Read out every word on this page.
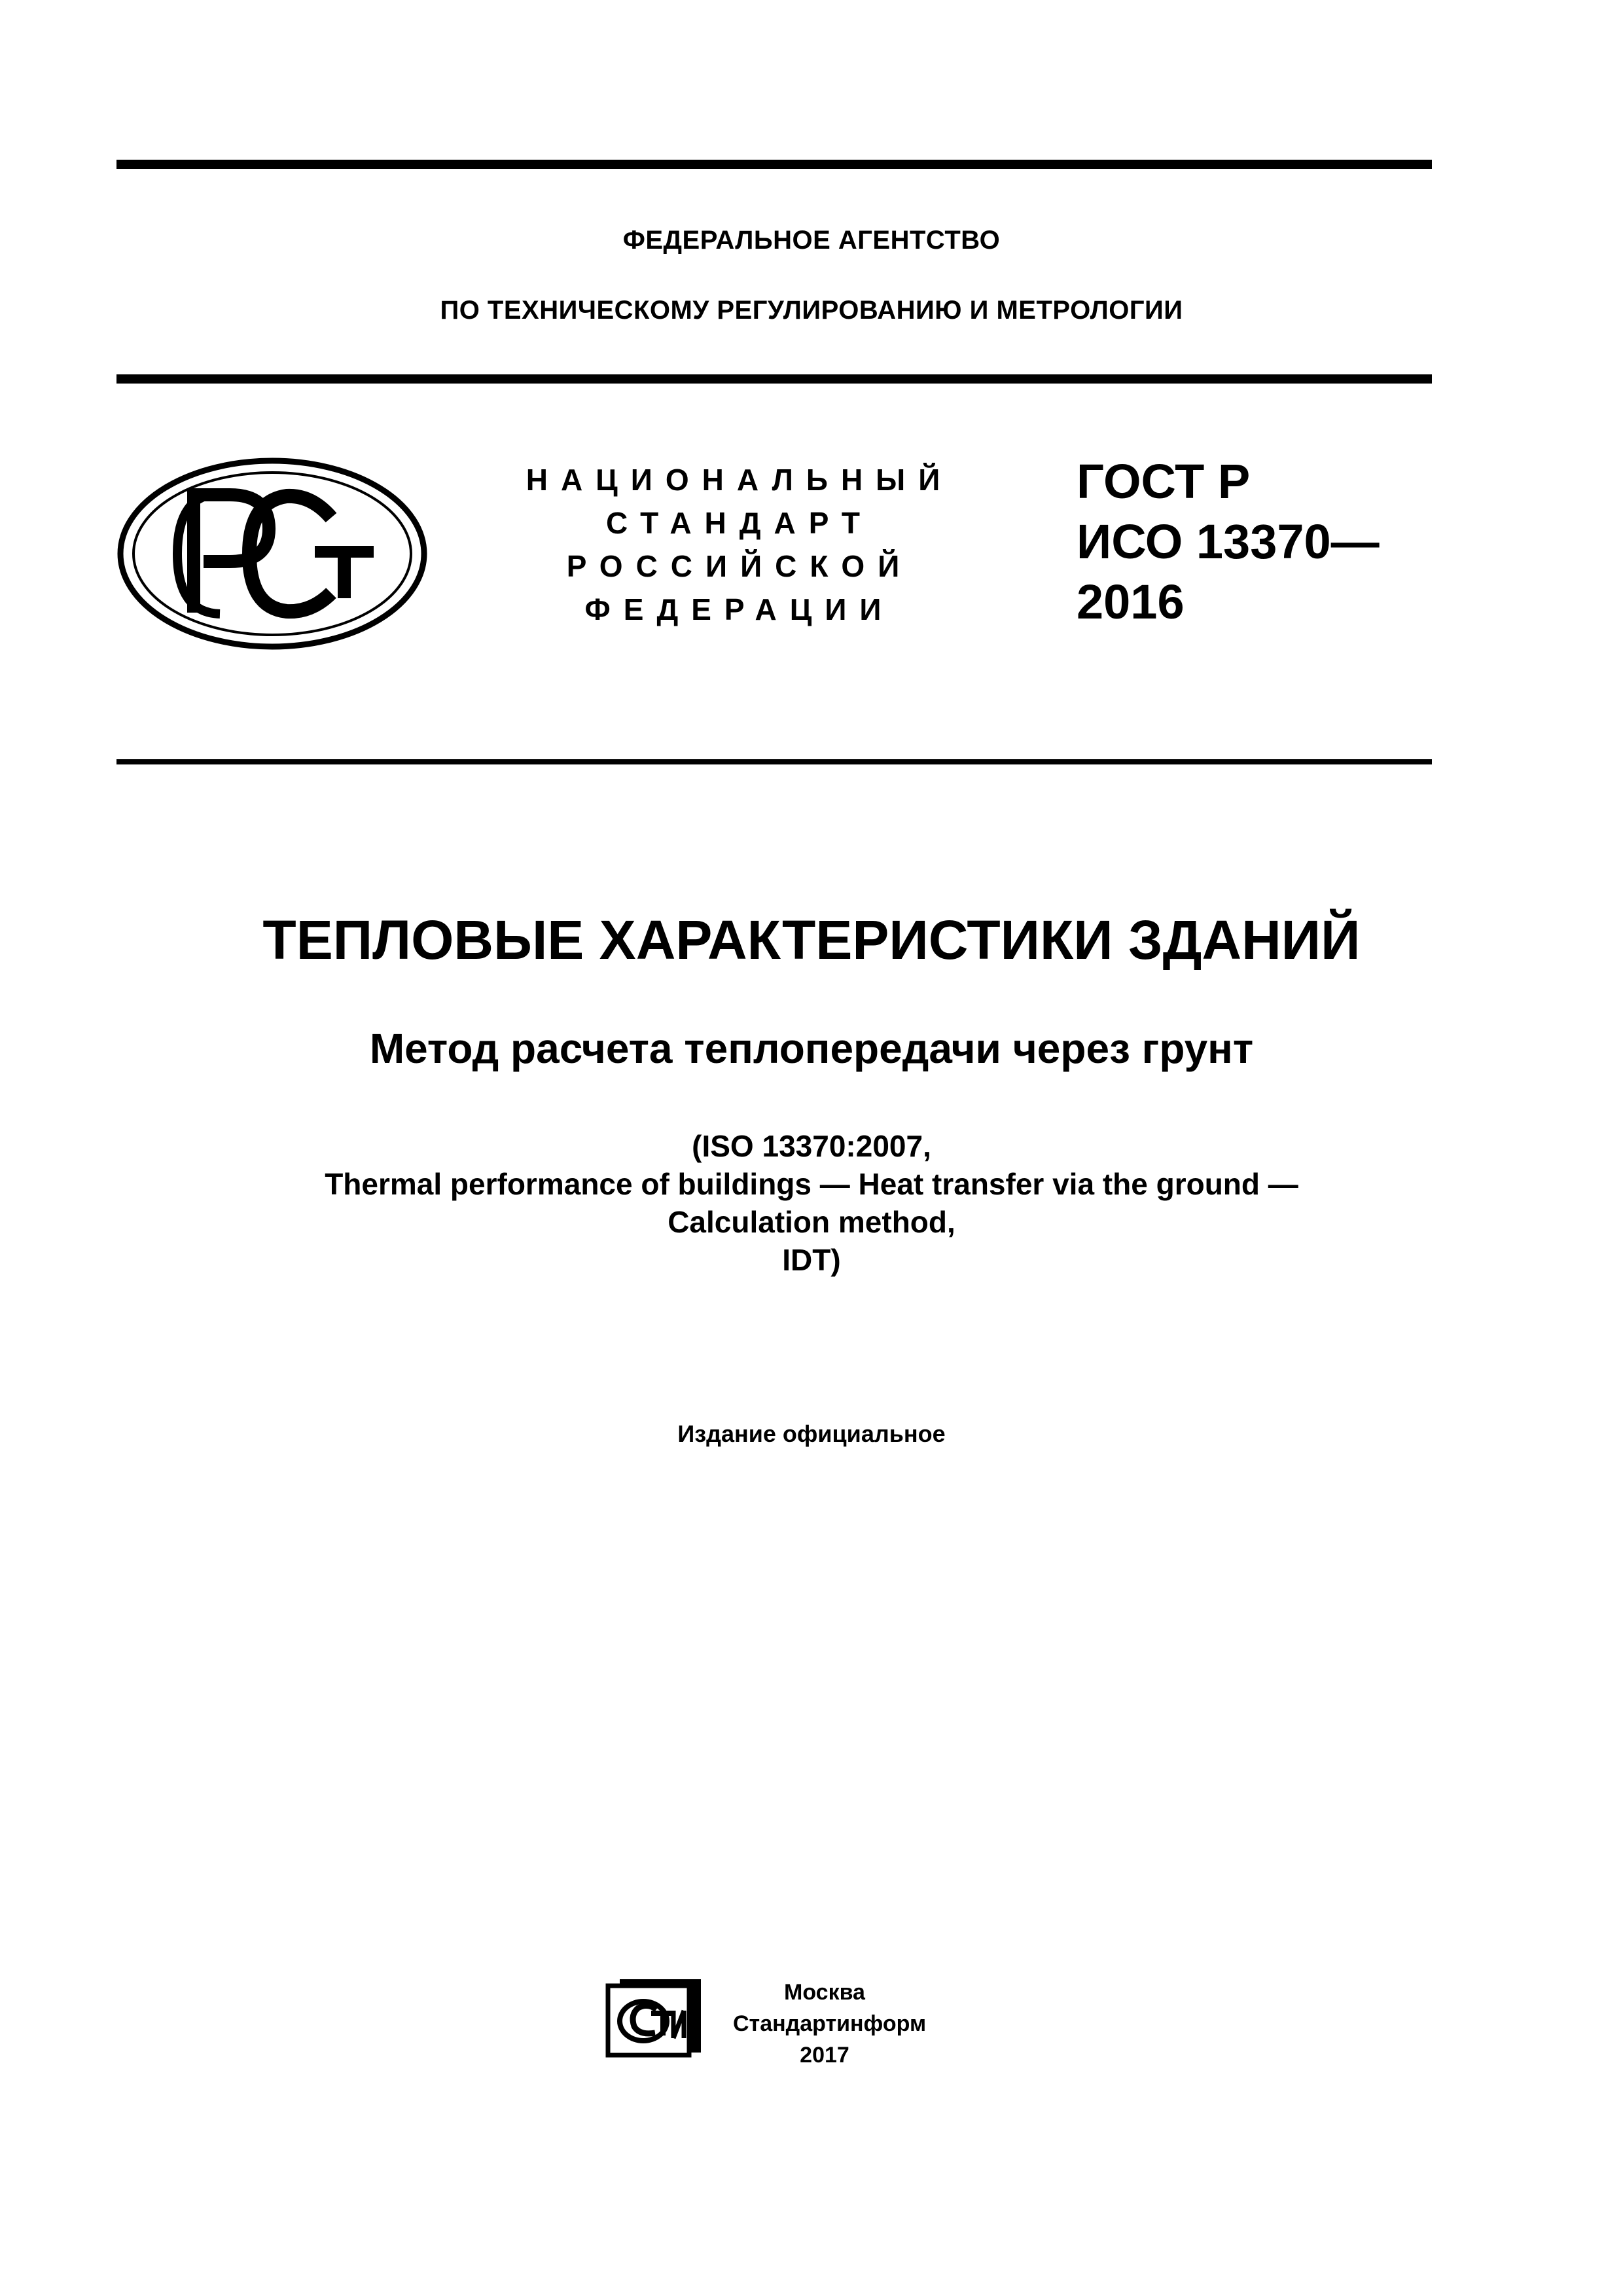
ФЕДЕРАЛЬНОЕ АГЕНТСТВО
ПО ТЕХНИЧЕСКОМУ РЕГУЛИРОВАНИЮ И МЕТРОЛОГИИ
НАЦИОНАЛЬНЫЙ
СТАНДАРТ
РОССИЙСКОЙ
ФЕДЕРАЦИИ
ГОСТ Р
ИСО 13370—
2016
ТЕПЛОВЫЕ ХАРАКТЕРИСТИКИ ЗДАНИЙ
Метод расчета теплопередачи через грунт
(ISO 13370:2007,
Thermal performance of buildings — Heat transfer via the ground —
Calculation method,
IDT)
Издание официальное
Москва
Стандартинформ
2017
